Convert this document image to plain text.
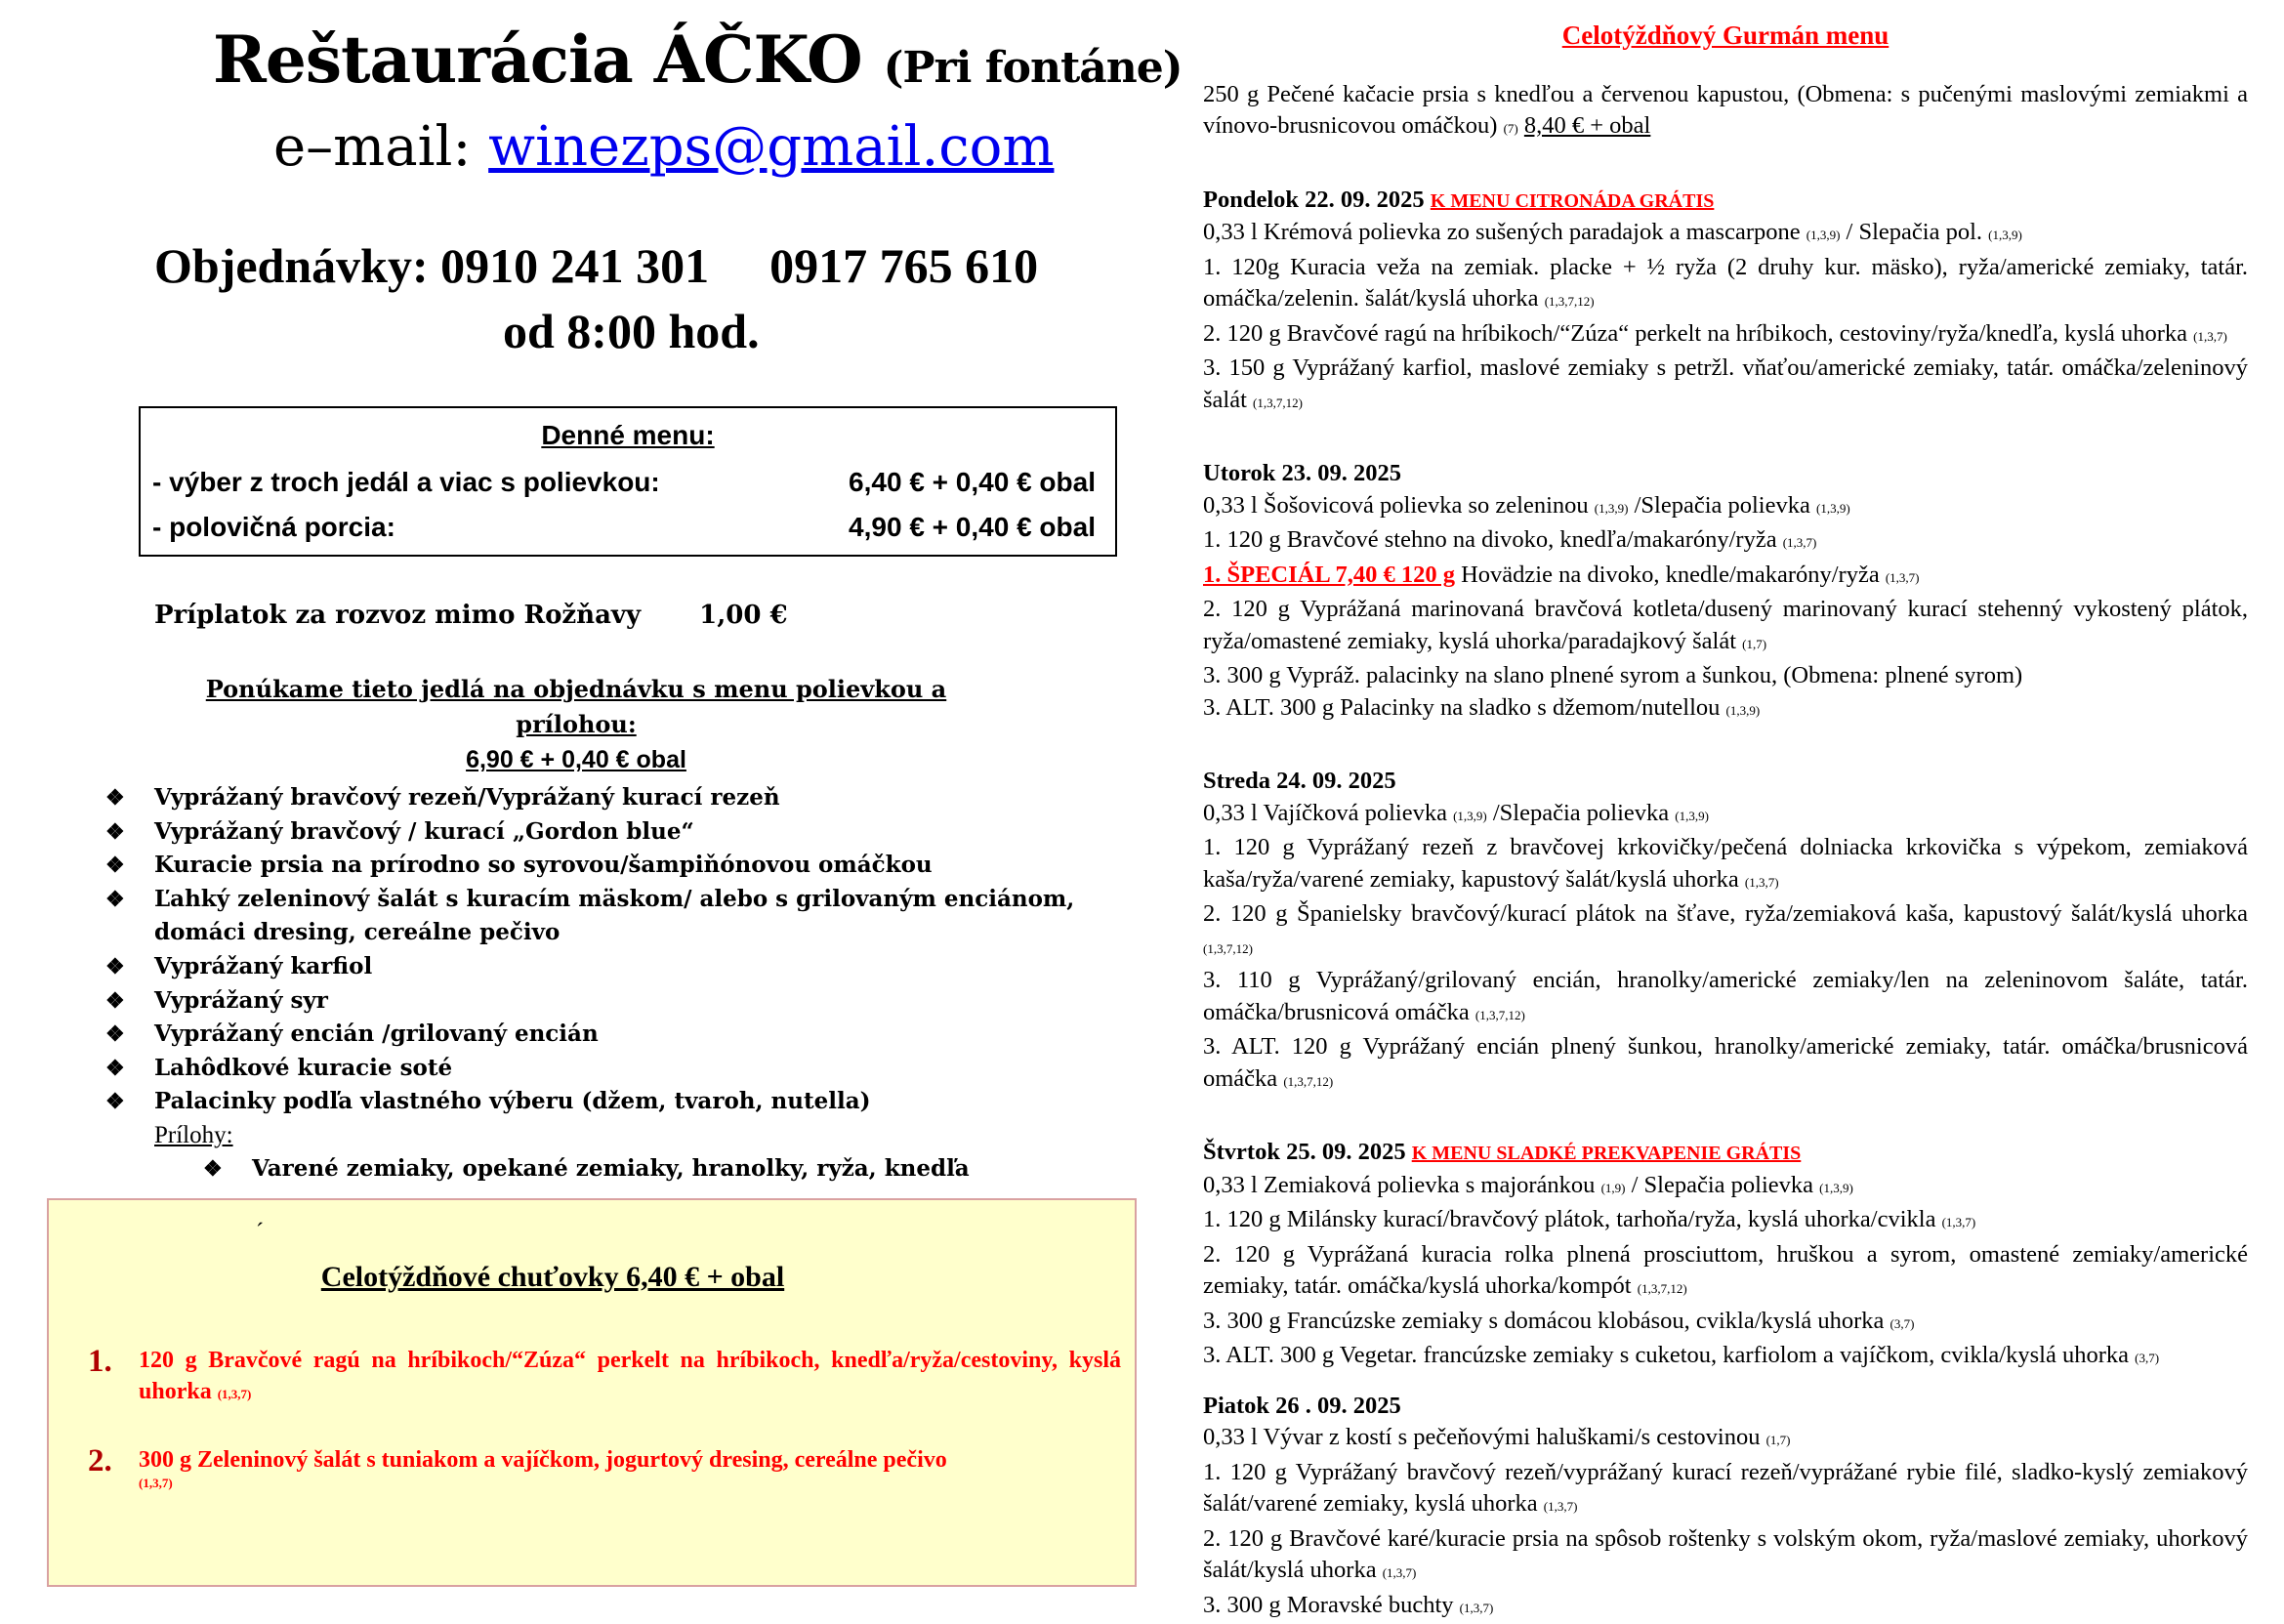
Reštaurácia ÁČKO (Pri fontáne)
e–mail: winezps@gmail.com
Objednávky: 0910 241 301 0917 765 610
od 8:00 hod.
Denné menu:
- výber z troch jedál a viac s polievkou:	6,40 € + 0,40 € obal
- polovičná porcia:	4,90 € + 0,40 € obal
Príplatok za rozvoz mimo Rožňavy 1,00 €
Ponúkame tieto jedlá na objednávku s menu polievkou a prílohou:
6,90 € + 0,40 € obal
❖	Vyprážaný bravčový rezeň/Vyprážaný kurací rezeň
❖	Vyprážaný bravčový / kurací „Gordon blue“
❖	Kuracie prsia na prírodno so syrovou/šampiňónovou omáčkou
❖	Ľahký zeleninový šalát s kuracím mäskom/ alebo s grilovaným enciánom, domáci dresing, cereálne pečivo
❖	Vyprážaný karfiol
❖	Vyprážaný syr
❖	Vyprážaný encián /grilovaný encián
❖	Lahôdkové kuracie soté
❖	Palacinky podľa vlastného výberu (džem, tvaroh, nutella)
Prílohy:
❖	Varené zemiaky, opekané zemiaky, hranolky, ryža, knedľa
´
Celotýždňové chuťovky 6,40 € + obal
1.	120 g Bravčové ragú na hríbikoch/“Zúza“ perkelt na hríbikoch, knedľa/ryža/cestoviny, kyslá uhorka (1,3,7)
2.	300 g Zeleninový šalát s tuniakom a vajíčkom, jogurtový dresing, cereálne pečivo
(1,3,7)
Celotýždňový Gurmán menu
250 g Pečené kačacie prsia s knedľou a červenou kapustou, (Obmena: s pučenými maslovými zemiakmi a vínovo-brusnicovou omáčkou) (7) 8,40 € + obal
Pondelok 22. 09. 2025 K MENU CITRONÁDA GRÁTIS
0,33 l Krémová polievka zo sušených paradajok a mascarpone (1,3,9) / Slepačia pol. (1,3,9)
1. 120g Kuracia veža na zemiak. placke + ½ ryža (2 druhy kur. mäsko), ryža/americké zemiaky, tatár. omáčka/zelenin. šalát/kyslá uhorka (1,3,7,12)
2. 120 g Bravčové ragú na hríbikoch/“Zúza“ perkelt na hríbikoch, cestoviny/ryža/knedľa, kyslá uhorka (1,3,7)
3. 150 g Vyprážaný karfiol, maslové zemiaky s petržl. vňaťou/americké zemiaky, tatár. omáčka/zeleninový šalát (1,3,7,12)
Utorok 23. 09. 2025
0,33 l Šošovicová polievka so zeleninou (1,3,9) /Slepačia polievka (1,3,9)
1. 120 g Bravčové stehno na divoko, knedľa/makaróny/ryža (1,3,7)
1. ŠPECIÁL 7,40 € 120 g Hovädzie na divoko, knedle/makaróny/ryža (1,3,7)
2. 120 g Vyprážaná marinovaná bravčová kotleta/dusený marinovaný kurací stehenný vykostený plátok, ryža/omastené zemiaky, kyslá uhorka/paradajkový šalát (1,7)
3. 300 g Vypráž. palacinky na slano plnené syrom a šunkou, (Obmena: plnené syrom)
3. ALT. 300 g Palacinky na sladko s džemom/nutellou (1,3,9)
Streda 24. 09. 2025
0,33 l Vajíčková polievka (1,3,9) /Slepačia polievka (1,3,9)
1. 120 g Vyprážaný rezeň z bravčovej krkovičky/pečená dolniacka krkovička s výpekom, zemiaková kaša/ryža/varené zemiaky, kapustový šalát/kyslá uhorka (1,3,7)
2. 120 g Španielsky bravčový/kurací plátok na šťave, ryža/zemiaková kaša, kapustový šalát/kyslá uhorka (1,3,7,12)
3. 110 g Vyprážaný/grilovaný encián, hranolky/americké zemiaky/len na zeleninovom šaláte, tatár. omáčka/brusnicová omáčka (1,3,7,12)
3. ALT. 120 g Vyprážaný encián plnený šunkou, hranolky/americké zemiaky, tatár. omáčka/brusnicová omáčka (1,3,7,12)
Štvrtok 25. 09. 2025 K MENU SLADKÉ PREKVAPENIE GRÁTIS
0,33 l Zemiaková polievka s majoránkou (1,9) / Slepačia polievka (1,3,9)
1. 120 g Milánsky kurací/bravčový plátok, tarhoňa/ryža, kyslá uhorka/cvikla (1,3,7)
2. 120 g Vyprážaná kuracia rolka plnená prosciuttom, hruškou a syrom, omastené zemiaky/americké zemiaky, tatár. omáčka/kyslá uhorka/kompót (1,3,7,12)
3. 300 g Francúzske zemiaky s domácou klobásou, cvikla/kyslá uhorka (3,7)
3. ALT. 300 g Vegetar. francúzske zemiaky s cuketou, karfiolom a vajíčkom, cvikla/kyslá uhorka (3,7)
Piatok 26 . 09. 2025
0,33 l Vývar z kostí s pečeňovými haluškami/s cestovinou (1,7)
1. 120 g Vyprážaný bravčový rezeň/vyprážaný kurací rezeň/vyprážané rybie filé, sladko-kyslý zemiakový šalát/varené zemiaky, kyslá uhorka (1,3,7)
2. 120 g Bravčové karé/kuracie prsia na spôsob roštenky s volským okom, ryža/maslové zemiaky, uhorkový šalát/kyslá uhorka (1,3,7)
3. 300 g Moravské buchty (1,3,7)
